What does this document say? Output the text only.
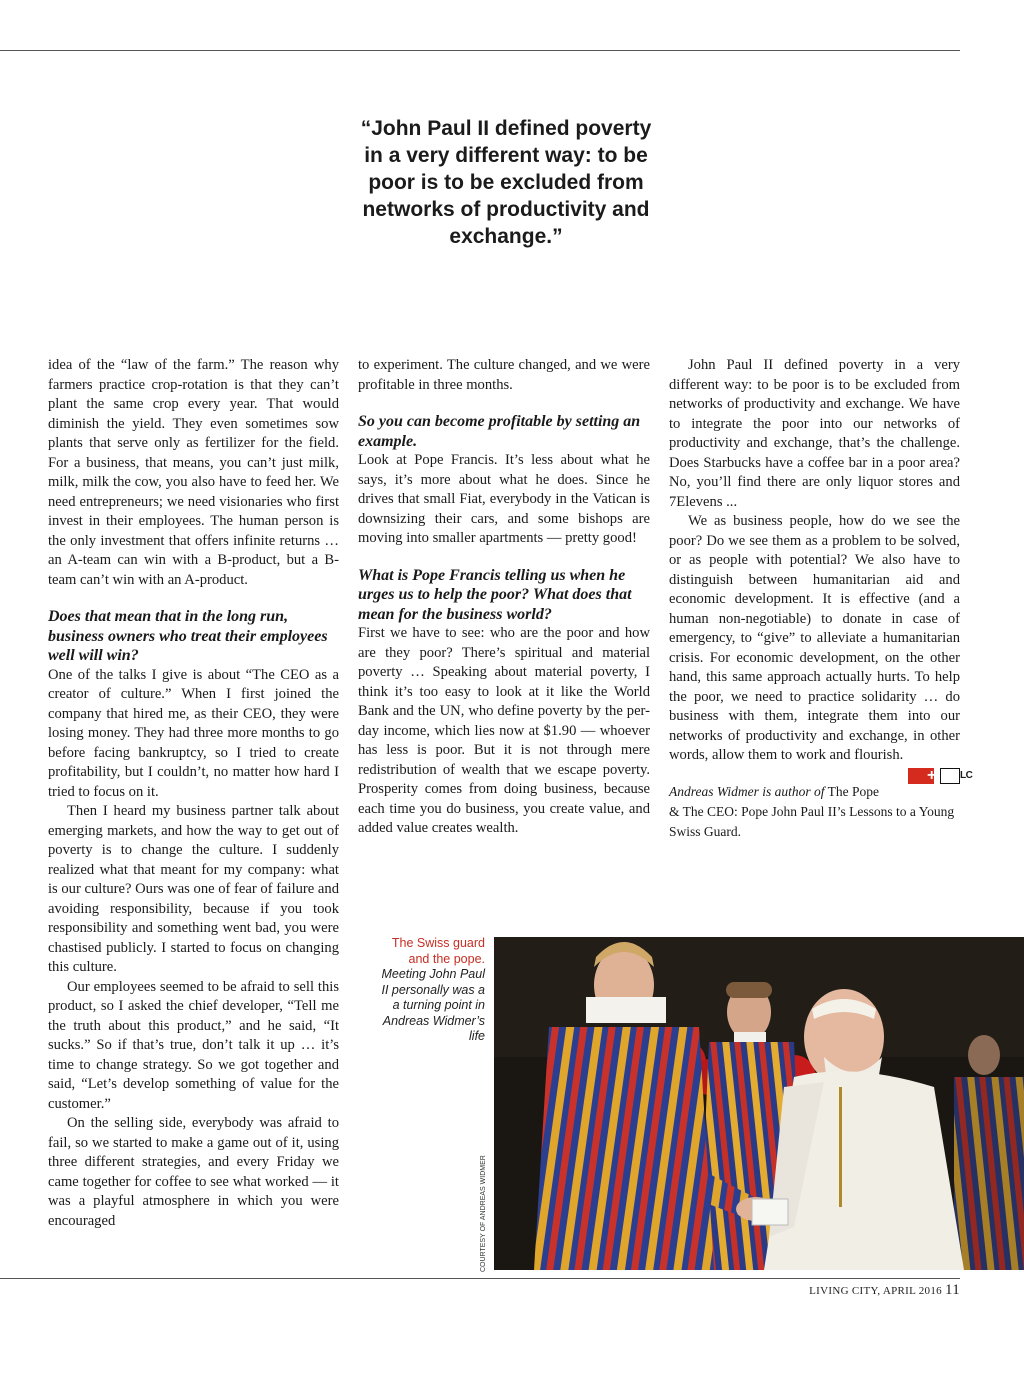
“John Paul II defined poverty in a very different way: to be poor is to be excluded from networks of productivity and exchange.”

idea of the “law of the farm.” The reason why farmers practice crop-rotation is that they can’t plant the same crop every year. That would diminish the yield. They even sometimes sow plants that serve only as fertilizer for the field. For a business, that means, you can’t just milk, milk, milk the cow, you also have to feed her. We need entrepreneurs; we need visionaries who first invest in their employees. The human person is the only investment that offers infinite returns … an A-team can win with a B-product, but a B-team can’t win with an A-product.

Does that mean that in the long run, business owners who treat their employees well will win?

One of the talks I give is about “The CEO as a creator of culture.” When I first joined the company that hired me, as their CEO, they were losing money. They had three more months to go before facing bankruptcy, so I tried to create profitability, but I couldn’t, no matter how hard I tried to focus on it.

Then I heard my business partner talk about emerging markets, and how the way to get out of poverty is to change the culture. I suddenly realized what that meant for my company: what is our culture? Ours was one of fear of failure and avoiding responsibility, because if you took responsibility and something went bad, you were chastised publicly. I started to focus on changing this culture.

Our employees seemed to be afraid to sell this product, so I asked the chief developer, “Tell me the truth about this product,” and he said, “It sucks.” So if that’s true, don’t talk it up … it’s time to change strategy. So we got together and said, “Let’s develop something of value for the customer.”

On the selling side, everybody was afraid to fail, so we started to make a game out of it, using three different strategies, and every Friday we came together for coffee to see what worked — it was a playful atmosphere in which you were encouraged

to experiment. The culture changed, and we were profitable in three months.

So you can become profitable by setting an example.

Look at Pope Francis. It’s less about what he says, it’s more about what he does. Since he drives that small Fiat, everybody in the Vatican is downsizing their cars, and some bishops are moving into smaller apartments — pretty good!

What is Pope Francis telling us when he urges us to help the poor? What does that mean for the business world?

First we have to see: who are the poor and how are they poor? There’s spiritual and material poverty … Speaking about material poverty, I think it’s too easy to look at it like the World Bank and the UN, who define poverty by the per-day income, which lies now at $1.90 — whoever has less is poor. But it is not through mere redistribution of wealth that we escape poverty. Prosperity comes from doing business, because each time you do business, you create value, and added value creates wealth.

John Paul II defined poverty in a very different way: to be poor is to be excluded from networks of productivity and exchange. We have to integrate the poor into our networks of productivity and exchange, that’s the challenge. Does Starbucks have a coffee bar in a poor area? No, you’ll find there are only liquor stores and 7Elevens ...

We as business people, how do we see the poor? Do we see them as a problem to be solved, or as people with potential? We also have to distinguish between humanitarian aid and economic development. It is effective (and a human non-negotiable) to donate in case of emergency, to “give” to alleviate a humanitarian crisis. For economic development, on the other hand, this same approach actually hurts. To help the poor, we need to practice solidarity … do business with them, integrate them into our networks of productivity and exchange, in other words, allow them to work and flourish.
+ LC

Andreas Widmer is author of The Pope & The CEO: Pope John Paul II’s Lessons to a Young Swiss Guard.

The Swiss guard and the pope.
Meeting John Paul II personally was a a turning point in Andreas Widmer’s life
COURTESY OF ANDREAS WIDMER
LIVING CITY, APRIL 2016 11
